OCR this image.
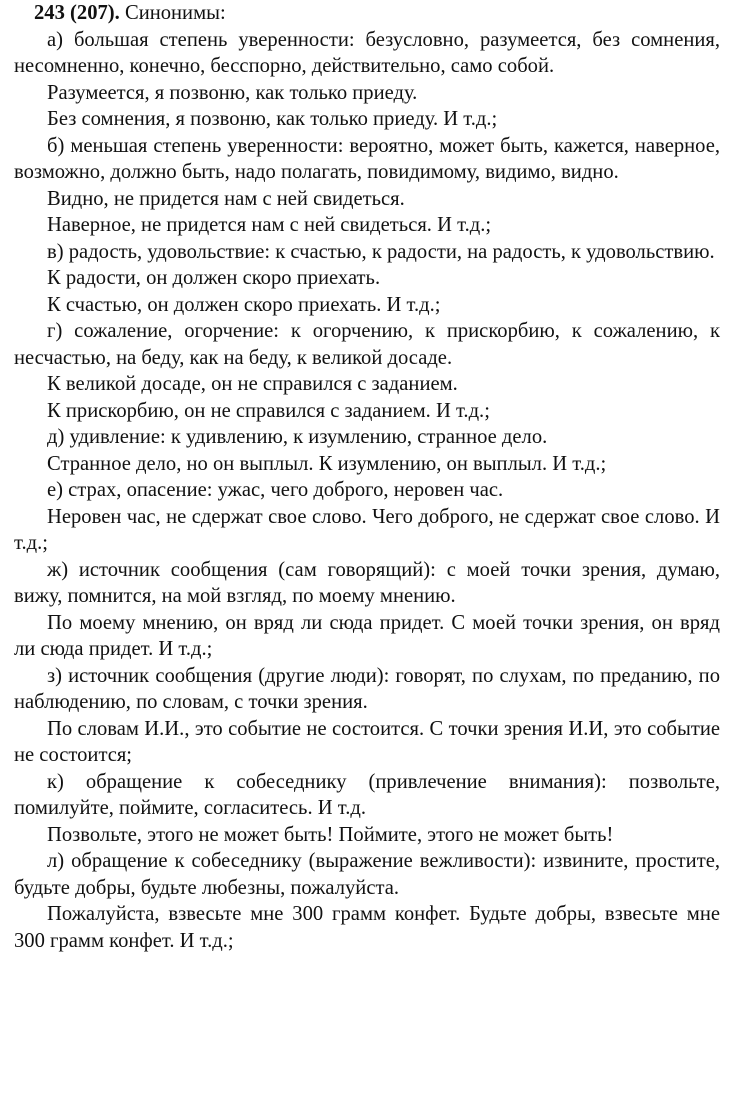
243 (207). Синонимы:

а) большая степень уверенности: безусловно, разумеется, без сомнения, несомненно, конечно, бесспорно, действительно, само собой.

Разумеется, я позвоню, как только приеду.

Без сомнения, я позвоню, как только приеду. И т.д.;

б) меньшая степень уверенности: вероятно, может быть, кажется, наверное, возможно, должно быть, надо полагать, повидимому, видимо, видно.

Видно, не придется нам с ней свидеться.

Наверное, не придется нам с ней свидеться. И т.д.;

в) радость, удовольствие: к счастью, к радости, на радость, к удовольствию.

К радости, он должен скоро приехать.

К счастью, он должен скоро приехать. И т.д.;

г) сожаление, огорчение: к огорчению, к прискорбию, к сожалению, к несчастью, на беду, как на беду, к великой досаде.

К великой досаде, он не справился с заданием.

К прискорбию, он не справился с заданием. И т.д.;

д) удивление: к удивлению, к изумлению, странное дело.

Странное дело, но он выплыл. К изумлению, он выплыл. И т.д.;

е) страх, опасение: ужас, чего доброго, неровен час.

Неровен час, не сдержат свое слово. Чего доброго, не сдержат свое слово. И т.д.;

ж) источник сообщения (сам говорящий): с моей точки зрения, думаю, вижу, помнится, на мой взгляд, по моему мнению.

По моему мнению, он вряд ли сюда придет. С моей точки зрения, он вряд ли сюда придет. И т.д.;

з) источник сообщения (другие люди): говорят, по слухам, по преданию, по наблюдению, по словам, с точки зрения.

По словам И.И., это событие не состоится. С точки зрения И.И, это событие не состоится;

к) обращение к собеседнику (привлечение внимания): позвольте, помилуйте, поймите, согласитесь. И т.д.

Позвольте, этого не может быть! Поймите, этого не может быть!

л) обращение к собеседнику (выражение вежливости): извините, простите, будьте добры, будьте любезны, пожалуйста.

Пожалуйста, взвесьте мне 300 грамм конфет. Будьте добры, взвесьте мне 300 грамм конфет. И т.д.;
